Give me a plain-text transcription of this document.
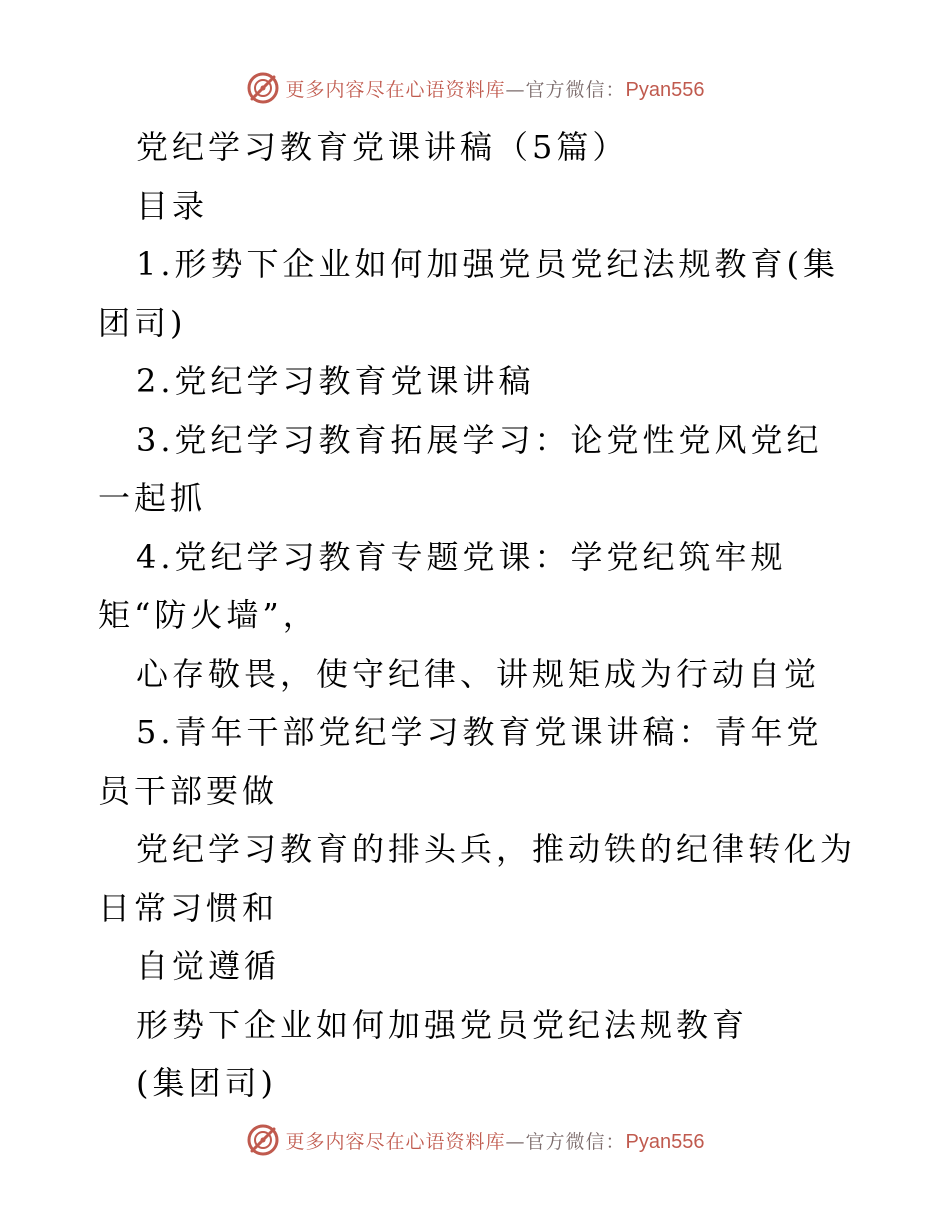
更多内容尽在心语资料库—官方微信：Pyan556
党纪学习教育党课讲稿（5篇）
目录
1.形势下企业如何加强党员党纪法规教育(集团司)
2.党纪学习教育党课讲稿
3.党纪学习教育拓展学习：论党性党风党纪一起抓
4.党纪学习教育专题党课：学党纪筑牢规矩“防火墙”，
心存敬畏，使守纪律、讲规矩成为行动自觉
5.青年干部党纪学习教育党课讲稿：青年党员干部要做
党纪学习教育的排头兵，推动铁的纪律转化为日常习惯和
自觉遵循
形势下企业如何加强党员党纪法规教育
(集团司)
更多内容尽在心语资料库—官方微信：Pyan556
